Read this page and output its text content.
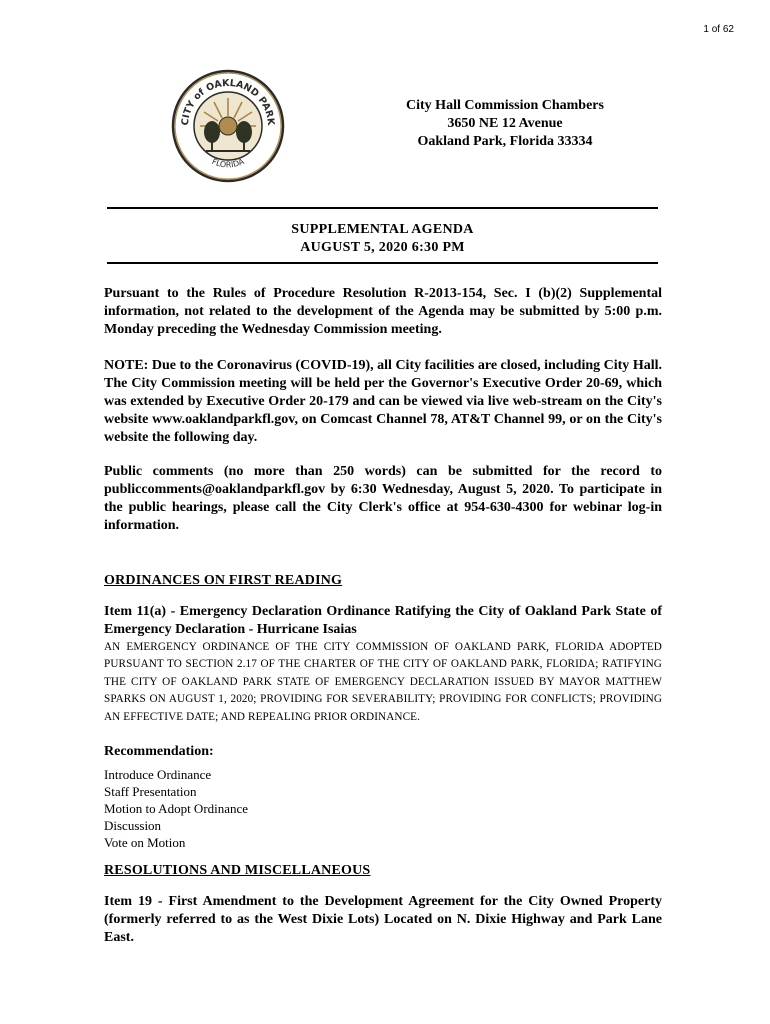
1 of 62
CITY of OAKLAND PARK
FLORIDA
City Hall Commission Chambers
3650 NE 12 Avenue
Oakland Park, Florida 33334
SUPPLEMENTAL AGENDA
AUGUST 5, 2020 6:30 PM
Pursuant to the Rules of Procedure Resolution R-2013-154, Sec. I (b)(2) Supplemental information, not related to the development of the Agenda may be submitted by 5:00 p.m. Monday preceding the Wednesday Commission meeting.
NOTE: Due to the Coronavirus (COVID-19), all City facilities are closed, including City Hall. The City Commission meeting will be held per the Governor's Executive Order 20-69, which was extended by Executive Order 20-179 and can be viewed via live web-stream on the City's website www.oaklandparkfl.gov, on Comcast Channel 78, AT&T Channel 99, or on the City's website the following day.
Public comments (no more than 250 words) can be submitted for the record to publiccomments@oaklandparkfl.gov by 6:30 Wednesday, August 5, 2020. To participate in the public hearings, please call the City Clerk's office at 954-630-4300 for webinar log-in information.
ORDINANCES ON FIRST READING
Item 11(a) - Emergency Declaration Ordinance Ratifying the City of Oakland Park State of Emergency Declaration - Hurricane Isaias
AN EMERGENCY ORDINANCE OF THE CITY COMMISSION OF OAKLAND PARK, FLORIDA ADOPTED PURSUANT TO SECTION 2.17 OF THE CHARTER OF THE CITY OF OAKLAND PARK, FLORIDA; RATIFYING THE CITY OF OAKLAND PARK STATE OF EMERGENCY DECLARATION ISSUED BY MAYOR MATTHEW SPARKS ON AUGUST 1, 2020; PROVIDING FOR SEVERABILITY; PROVIDING FOR CONFLICTS; PROVIDING AN EFFECTIVE DATE; AND REPEALING PRIOR ORDINANCE.
Recommendation:
Introduce Ordinance
Staff Presentation
Motion to Adopt Ordinance
Discussion
Vote on Motion
RESOLUTIONS AND MISCELLANEOUS
Item 19 - First Amendment to the Development Agreement for the City Owned Property (formerly referred to as the West Dixie Lots) Located on N. Dixie Highway and Park Lane East.
